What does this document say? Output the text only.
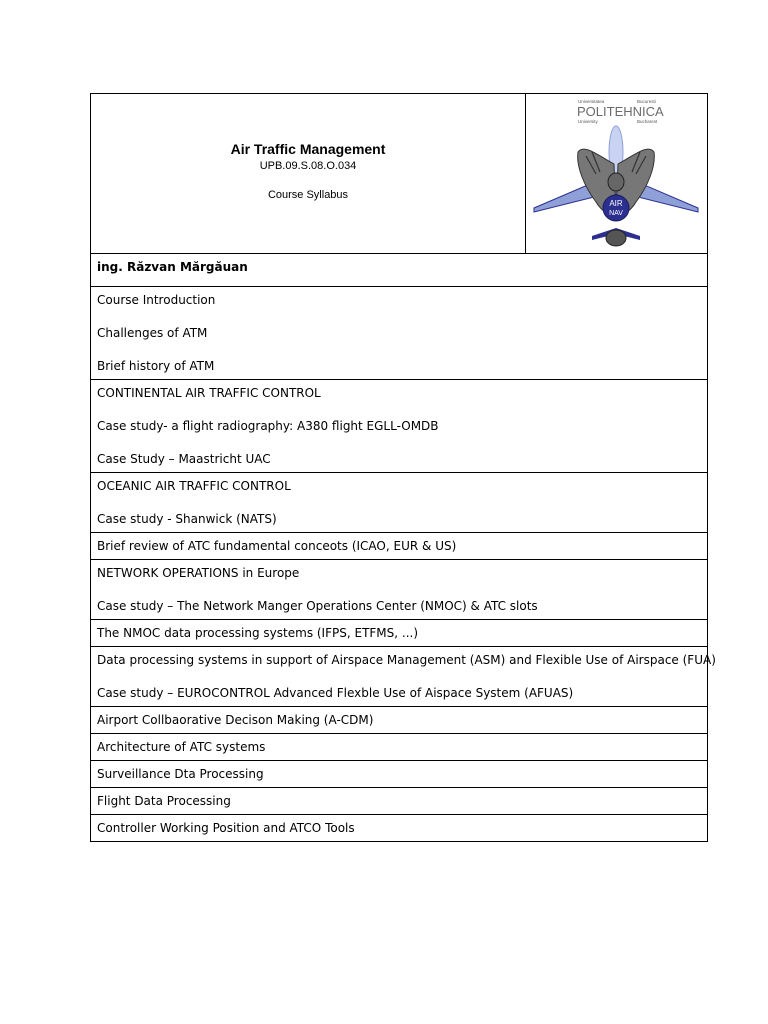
Air Traffic Management
UPB.09.S.08.O.034
Course Syllabus

Universitatea	Bucuresti
POLITEHNICA
University	Bucharest
AIR
NAV

ing. Răzvan Mărgăuan

Course Introduction
Challenges of ATM
Brief history of ATM

CONTINENTAL AIR TRAFFIC CONTROL
Case study- a flight radiography: A380 flight EGLL-OMDB
Case Study – Maastricht UAC

OCEANIC AIR TRAFFIC CONTROL
Case study - Shanwick (NATS)

Brief review of ATC fundamental conceots (ICAO, EUR & US)

NETWORK OPERATIONS in Europe
Case study – The Network Manger Operations Center (NMOC) & ATC slots

The NMOC data processing systems (IFPS, ETFMS, ...)

Data processing systems in support of Airspace Management (ASM) and Flexible Use of Airspace (FUA)
Case study – EUROCONTROL Advanced Flexble Use of Aispace System (AFUAS)

Airport Collbaorative Decison Making (A-CDM)

Architecture of ATC systems

Surveillance Dta Processing

Flight Data Processing

Controller Working Position and ATCO Tools
